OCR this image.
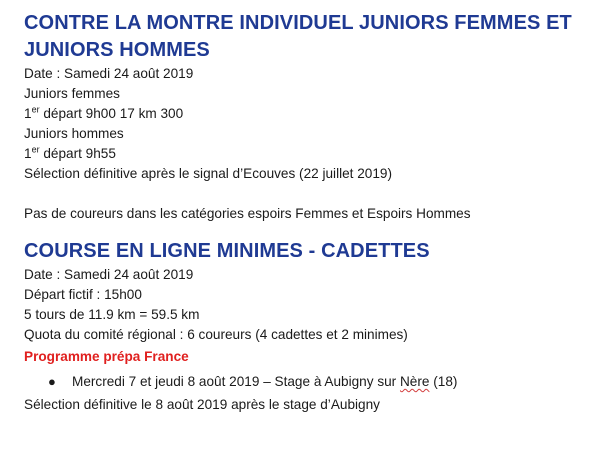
CONTRE LA MONTRE INDIVIDUEL JUNIORS FEMMES ET JUNIORS HOMMES

Date : Samedi 24 août 2019

Juniors femmes

1er départ 9h00 17 km 300

Juniors hommes

1er départ 9h55

Sélection définitive après le signal d’Ecouves (22 juillet 2019)

Pas de coureurs dans les catégories espoirs Femmes et Espoirs Hommes

COURSE EN LIGNE MINIMES - CADETTES

Date : Samedi 24 août 2019

Départ fictif : 15h00

5 tours de 11.9 km = 59.5 km

Quota du comité régional : 6 coureurs (4 cadettes et 2 minimes)

Programme prépa France

●	Mercredi 7 et jeudi 8 août 2019 – Stage à Aubigny sur Nère (18)

Sélection définitive le 8 août 2019 après le stage d’Aubigny
